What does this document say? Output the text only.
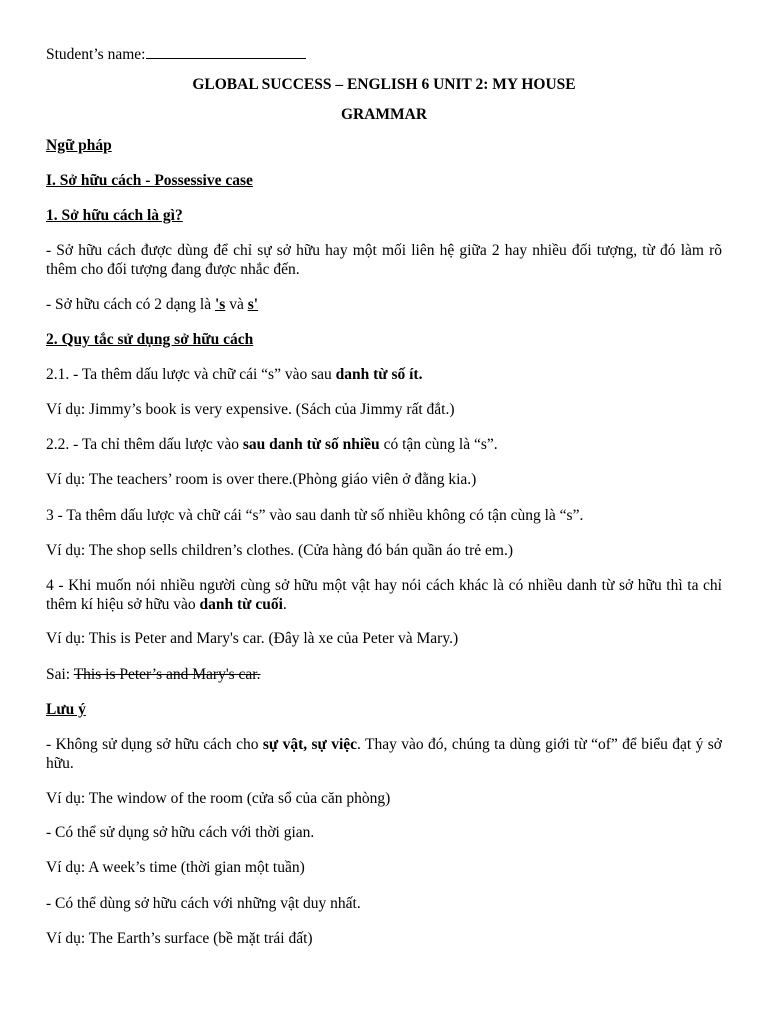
Student’s name:

GLOBAL SUCCESS – ENGLISH 6 UNIT 2: MY HOUSE

GRAMMAR

Ngữ pháp

I. Sở hữu cách - Possessive case

1. Sở hữu cách là gì?

- Sở hữu cách được dùng để chỉ sự sở hữu hay một mối liên hệ giữa 2 hay nhiều đối tượng, từ đó làm rõ thêm cho đối tượng đang được nhắc đến.

- Sở hữu cách có 2 dạng là 's và s'

2. Quy tắc sử dụng sở hữu cách

2.1. - Ta thêm dấu lược và chữ cái “s” vào sau danh từ số ít.

Ví dụ: Jimmy’s book is very expensive. (Sách của Jimmy rất đắt.)

2.2. - Ta chỉ thêm dấu lược vào sau danh từ số nhiều có tận cùng là “s”.

Ví dụ: The teachers’ room is over there.(Phòng giáo viên ở đằng kia.)

3 - Ta thêm dấu lược và chữ cái “s” vào sau danh từ số nhiều không có tận cùng là “s”.

Ví dụ: The shop sells children’s clothes. (Cửa hàng đó bán quần áo trẻ em.)

4 - Khi muốn nói nhiều người cùng sở hữu một vật hay nói cách khác là có nhiều danh từ sở hữu thì ta chỉ thêm kí hiệu sở hữu vào danh từ cuối.

Ví dụ: This is Peter and Mary's car. (Đây là xe của Peter và Mary.)

Sai: This is Peter’s and Mary's car.

Lưu ý

- Không sử dụng sở hữu cách cho sự vật, sự việc. Thay vào đó, chúng ta dùng giới từ “of” để biểu đạt ý sở hữu.

Ví dụ: The window of the room (cửa sổ của căn phòng)

- Có thể sử dụng sở hữu cách với thời gian.

Ví dụ: A week’s time (thời gian một tuần)

- Có thể dùng sở hữu cách với những vật duy nhất.

Ví dụ: The Earth’s surface (bề mặt trái đất)
